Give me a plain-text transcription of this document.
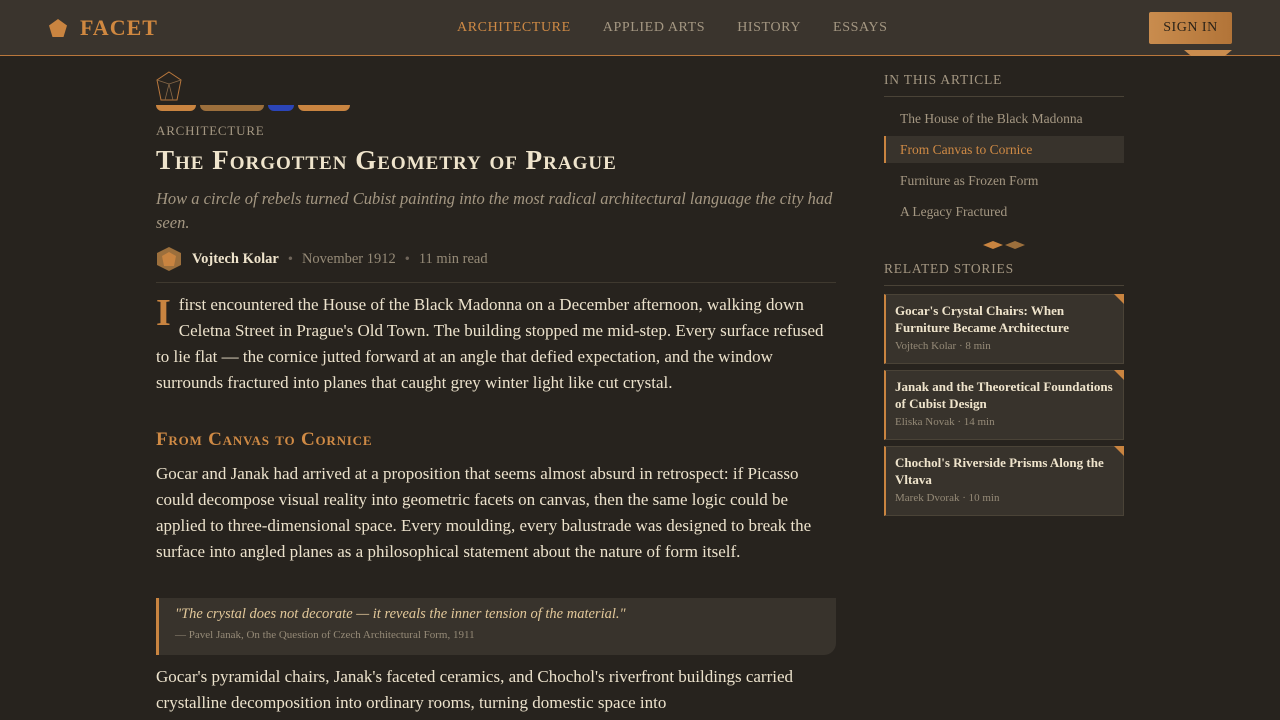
FACET	ARCHITECTURE APPLIED ARTS HISTORY ESSAYS	SIGN IN
ARCHITECTURE
The Forgotten Geometry of Prague

How a circle of rebels turned Cubist painting into the most radical architectural language the city had seen.

Vojtech Kolar • November 1912 • 11 min read

Ifirst encountered the House of the Black Madonna on a December afternoon, walking down Celetna Street in Prague's Old Town. The building stopped me mid-step. Every surface refused to lie flat — the cornice jutted forward at an angle that defied expectation, and the window surrounds fractured into planes that caught grey winter light like cut crystal.

From Canvas to Cornice

Gocar and Janak had arrived at a proposition that seems almost absurd in retrospect: if Picasso could decompose visual reality into geometric facets on canvas, then the same logic could be applied to three-dimensional space. Every moulding, every balustrade was designed to break the surface into angled planes as a philosophical statement about the nature of form itself.

"The crystal does not decorate — it reveals the inner tension of the material."
— Pavel Janak, On the Question of Czech Architectural Form, 1911

Gocar's pyramidal chairs, Janak's faceted ceramics, and Chochol's riverfront buildings carried crystalline decomposition into ordinary rooms, turning domestic space into

IN THIS ARTICLE
The House of the Black Madonna
From Canvas to Cornice
Furniture as Frozen Form
A Legacy Fractured
RELATED STORIES
Gocar's Crystal Chairs: When Furniture Became Architecture
Vojtech Kolar · 8 min
Janak and the Theoretical Foundations of Cubist Design
Eliska Novak · 14 min
Chochol's Riverside Prisms Along the Vltava
Marek Dvorak · 10 min
